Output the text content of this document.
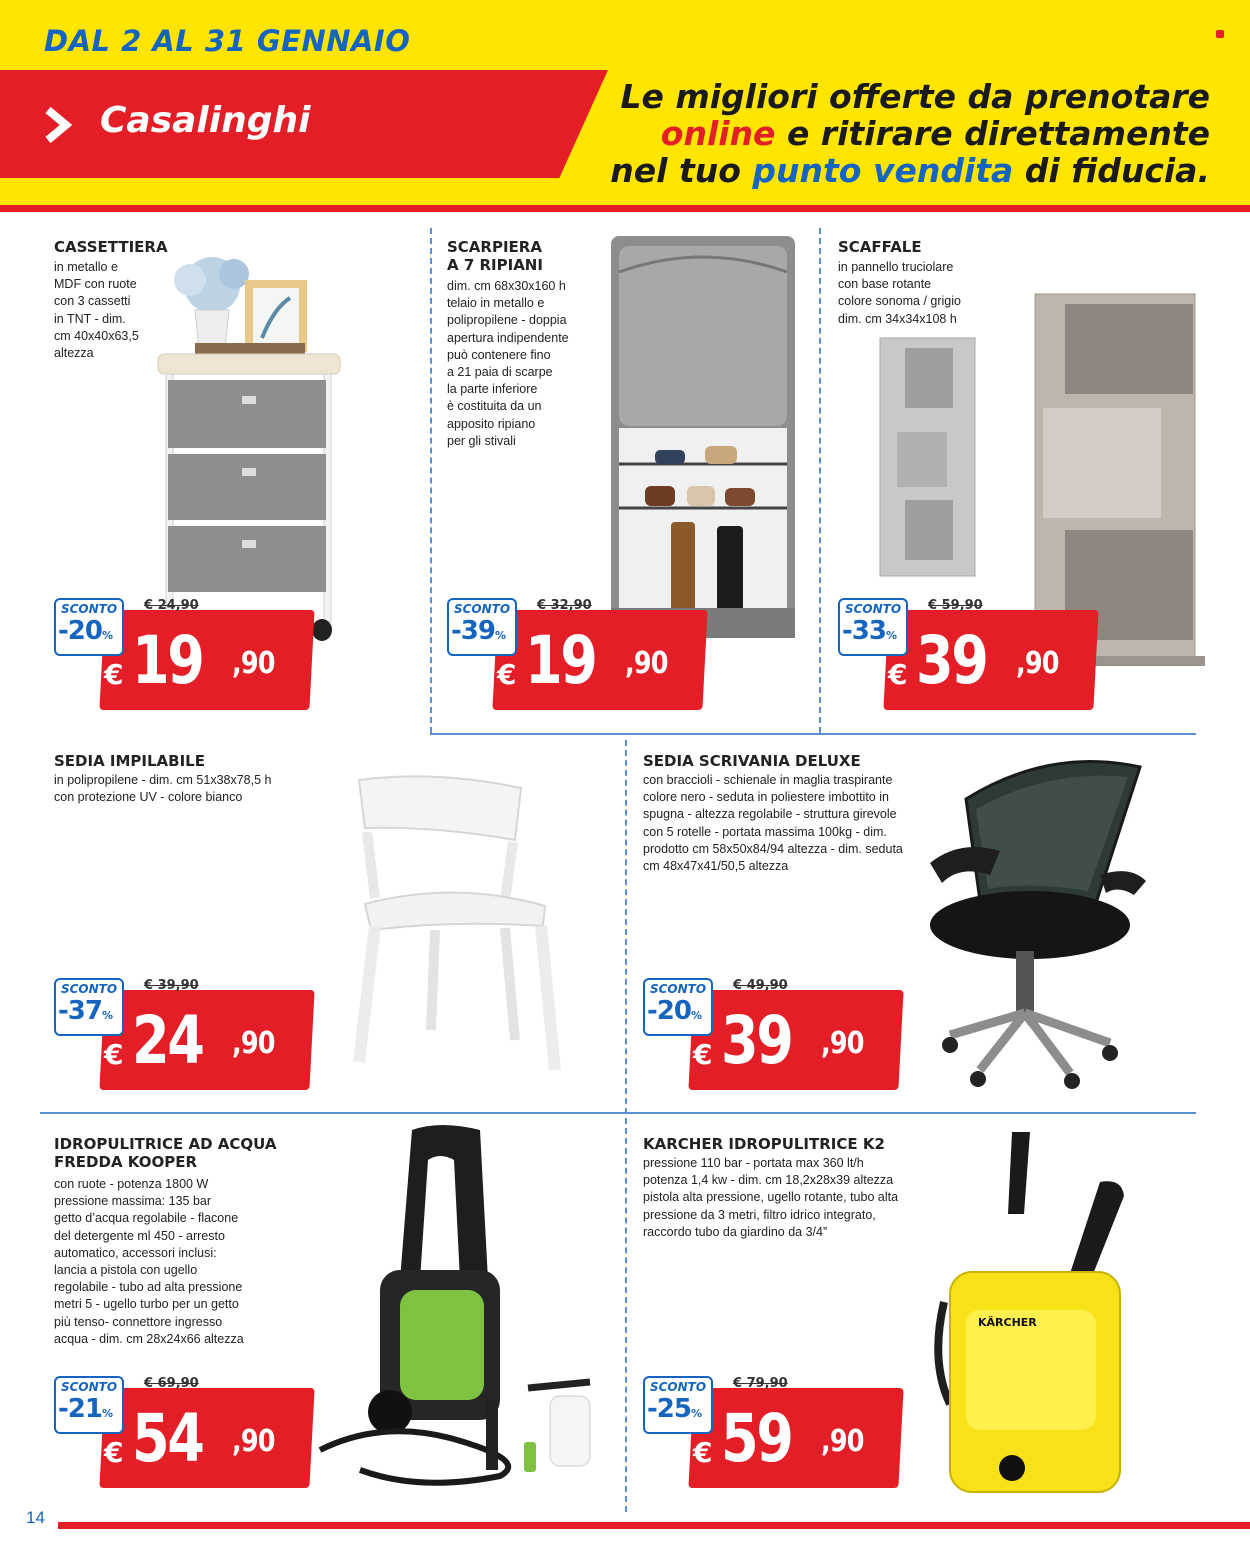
DAL 2 AL 31 GENNAIO
Casalinghi
Le migliori offerte da prenotare
online e ritirare direttamente
nel tuo punto vendita di fiducia.
CASSETTIERA
in metallo e
MDF con ruote
con 3 cassetti
in TNT - dim.
cm 40x40x63,5
altezza
SCONTO
-20%
€ 24,90
€ 19 ,90
SCARPIERA
A 7 RIPIANI
dim. cm 68x30x160 h
telaio in metallo e
polipropilene - doppia
apertura indipendente
può contenere fino
a 21 paia di scarpe
la parte inferiore
è costituita da un
apposito ripiano
per gli stivali
SCONTO
-39%
€ 32,90
€ 19 ,90
SCAFFALE
in pannello truciolare
con base rotante
colore sonoma / grigio
dim. cm 34x34x108 h
SCONTO
-33%
€ 59,90
€ 39 ,90
SEDIA IMPILABILE
in polipropilene - dim. cm 51x38x78,5 h
con protezione UV - colore bianco
SCONTO
-37%
€ 39,90
€ 24 ,90
SEDIA SCRIVANIA DELUXE
con braccioli - schienale in maglia traspirante
colore nero - seduta in poliestere imbottito in
spugna - altezza regolabile - struttura girevole
con 5 rotelle - portata massima 100kg - dim.
prodotto cm 58x50x84/94 altezza - dim. seduta
cm 48x47x41/50,5 altezza
SCONTO
-20%
€ 49,90
€ 39 ,90
IDROPULITRICE AD ACQUA
FREDDA KOOPER
con ruote - potenza 1800 W
pressione massima: 135 bar
getto d’acqua regolabile - flacone
del detergente ml 450 - arresto
automatico, accessori inclusi:
lancia a pistola con ugello
regolabile - tubo ad alta pressione
metri 5 - ugello turbo per un getto
più tenso- connettore ingresso
acqua - dim. cm 28x24x66 altezza
SCONTO
-21%
€ 69,90
€ 54 ,90
KARCHER IDROPULITRICE K2
pressione 110 bar - portata max 360 lt/h
potenza 1,4 kw - dim. cm 18,2x28x39 altezza
pistola alta pressione, ugello rotante, tubo alta
pressione da 3 metri, filtro idrico integrato,
raccordo tubo da giardino da 3/4”
KÄRCHER
SCONTO
-25%
€ 79,90
€ 59 ,90
14
